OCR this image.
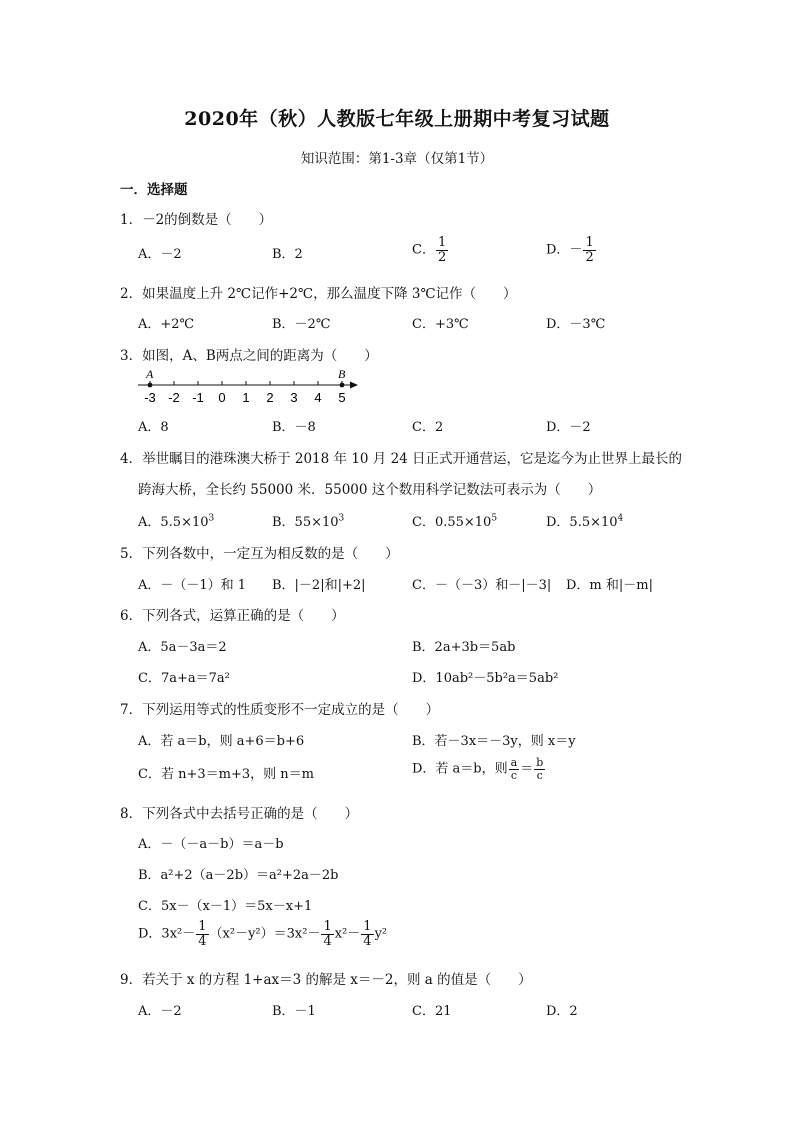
2020年（秋）人教版七年级上册期中考复习试题
知识范围：第1-3章（仅第1节）
一．选择题
1．－2的倒数是（　　）
A．－2	B．2	C． $\frac{1}{2}$	D．－ $\frac{1}{2}$
2．如果温度上升 2℃记作+2℃，那么温度下降 3℃记作（　　）
A．+2℃	B．－2℃	C．+3℃	D．－3℃
3．如图，A、B两点之间的距离为（　　）
-3 -2 -1 0 1 2 3 4 5
A	B
A．8	B．－8	C．2	D．－2
4．举世瞩目的港珠澳大桥于 2018 年 10 月 24 日正式开通营运，它是迄今为止世界上最长的
跨海大桥，全长约 55000 米．55000 这个数用科学记数法可表示为（　　）
A．$5.5\times 10^3$	B．$55\times 10^3$	C．$0.55\times 10^5$	D．$5.5\times 10^4$
5．下列各数中，一定互为相反数的是（　　）
A．－（－1）和 1 B．|－2|和|+2|	C．－（－3）和－|－3| D．m 和|－m|
6．下列各式，运算正确的是（　　）
A．5a－3a＝2	B．2a+3b＝5ab
C．7a+a＝7a²	D．10ab²－5b²a＝5ab²
7．下列运用等式的性质变形不一定成立的是（　　）
A．若 a＝b，则 a+6＝b+6	B．若－3x＝－3y，则 x＝y
C．若 n+3＝m+3，则 n＝m	D．若 a＝b，则 $\frac{a}{c} = \frac{b}{c}$
8．下列各式中去括号正确的是（　　）
A．－（－a－b）＝a－b
B．a²+2（a－2b）＝a²+2a－2b
C．5x－（x－1）＝5x－x+1
D．$3x^2- \frac{1}{4} (x^2-y^2)=3x^2- \frac{1}{4} x^2- \frac{1}{4} y^2$
9．若关于 x 的方程 1+ax＝3 的解是 x＝－2，则 a 的值是（　　）
A．－2	B．－1	C．21	D．2
